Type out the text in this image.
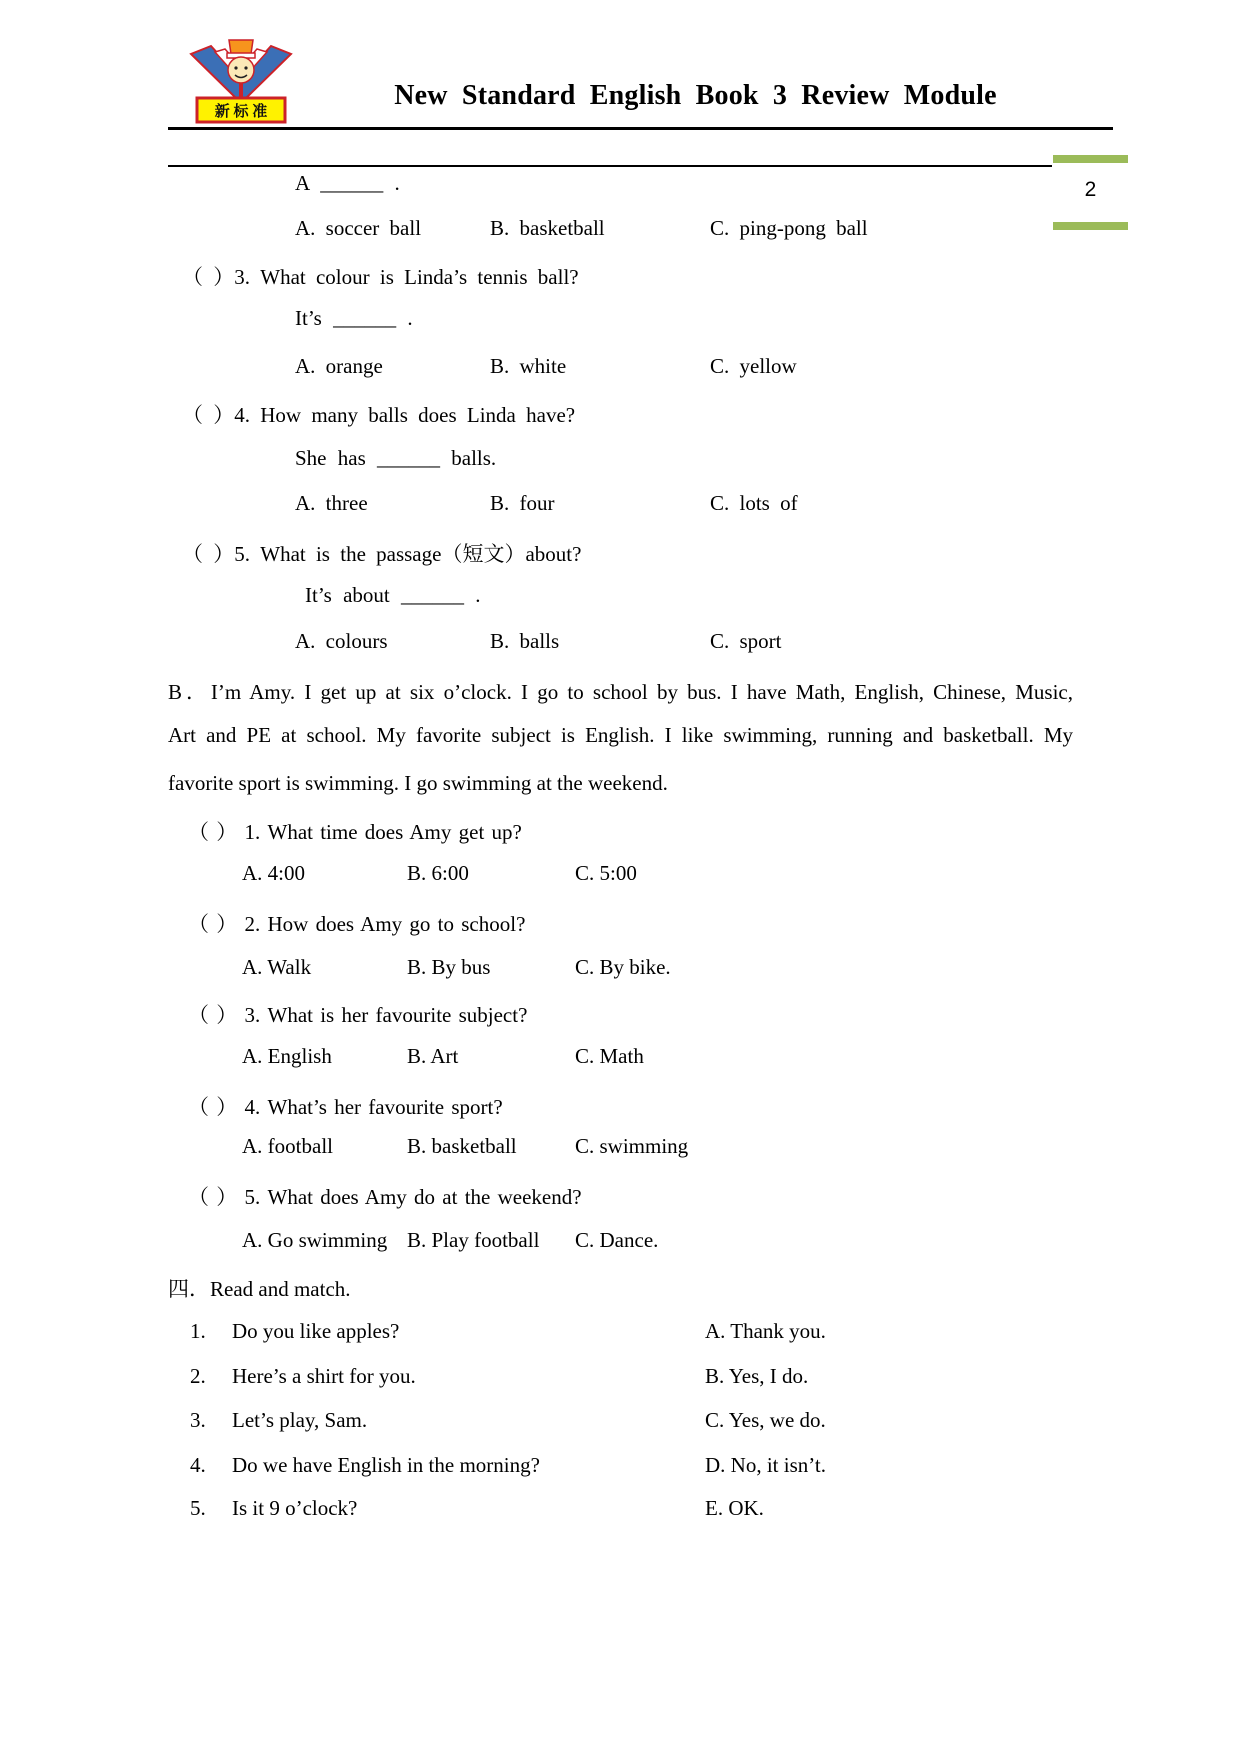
新 标 准
New Standard English Book 3 Review Module
2
A ______ .
A. soccer ball	B. basketball	C. ping-pong ball
（ ）3. What colour is Linda’s tennis ball?
It’s ______ .
A. orange	B. white	C. yellow
（ ）4. How many balls does Linda have?
She has ______ balls.
A. three	B. four	C. lots of
（ ）5. What is the passage（短文）about?
It’s about ______ .
A. colours	B. balls	C. sport
B．I’m Amy. I get up at six o’clock. I go to school by bus. I have Math, English, Chinese, Music,
Art and PE at school. My favorite subject is English. I like swimming, running and basketball. My
favorite sport is swimming. I go swimming at the weekend.
（ ） 1. What time does Amy get up?
A. 4:00	B. 6:00	C. 5:00
（ ） 2. How does Amy go to school?
A. Walk	B. By bus	C. By bike.
（ ） 3. What is her favourite subject?
A. English	B. Art	C. Math
（ ） 4. What’s her favourite sport?
A. football	B. basketball	C. swimming
（ ） 5. What does Amy do at the weekend?
A. Go swimming B. Play football C. Dance.
四．Read and match.
1. Do you like apples?	A. Thank you.
2. Here’s a shirt for you.	B. Yes, I do.
3. Let’s play, Sam.	C. Yes, we do.
4. Do we have English in the morning?	D. No, it isn’t.
5. Is it 9 o’clock?	E. OK.
